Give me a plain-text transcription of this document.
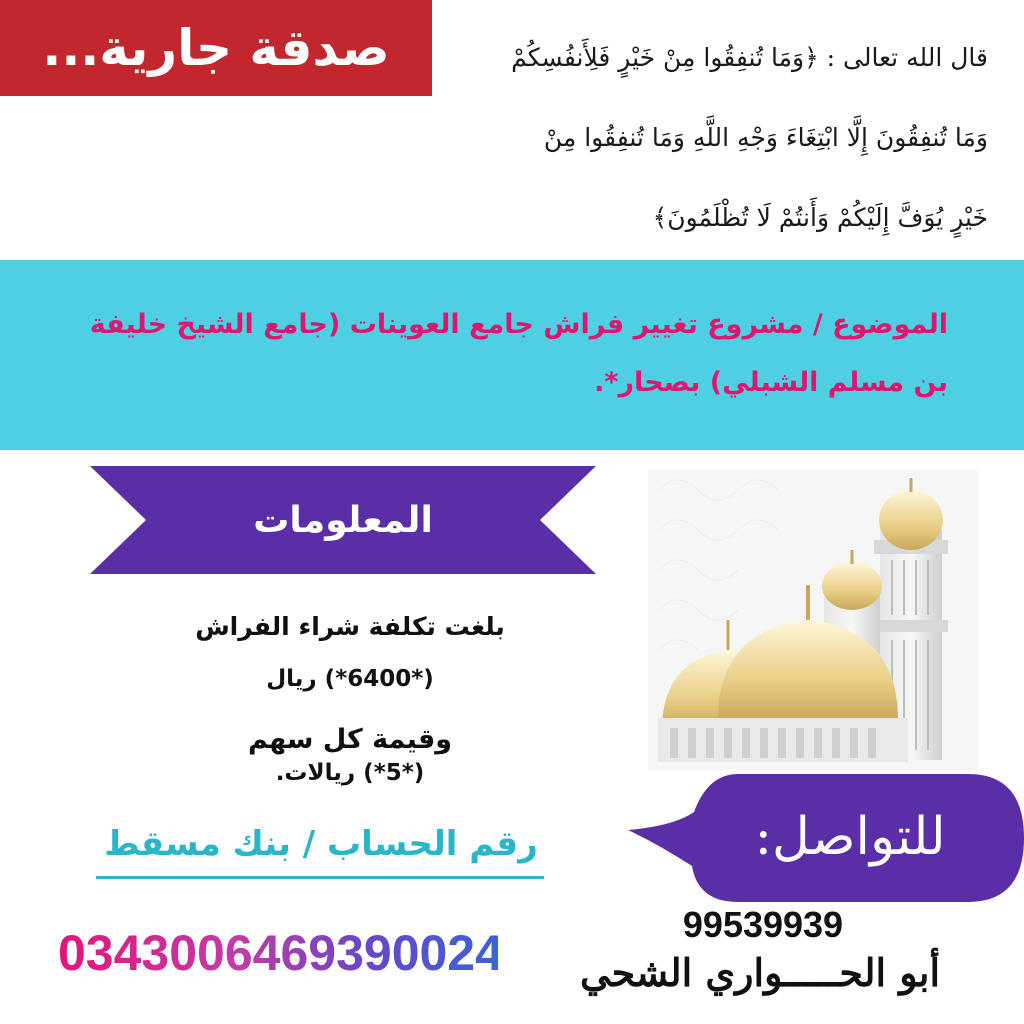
صدقة جارية...	قال الله تعالى : ﴿وَمَا تُنفِقُوا مِنْ خَيْرٍ فَلِأَنفُسِكُمْ
وَمَا تُنفِقُونَ إِلَّا ابْتِغَاءَ وَجْهِ اللَّهِ وَمَا تُنفِقُوا مِنْ
خَيْرٍ يُوَفَّ إِلَيْكُمْ وَأَنتُمْ لَا تُظْلَمُونَ﴾
الموضوع / مشروع تغيير فراش جامع العوينات (جامع الشيخ خليفة بن مسلم الشبلي) بصحار*.
المعلومات
بلغت تكلفة شراء الفراش
(*6400*) ريال
وقيمة كل سهم
(*5*) ريالات.
رقم الحساب / بنك مسقط
0343006469390024
للتواصل:
99539939
أبو الحـــــواري الشحي
